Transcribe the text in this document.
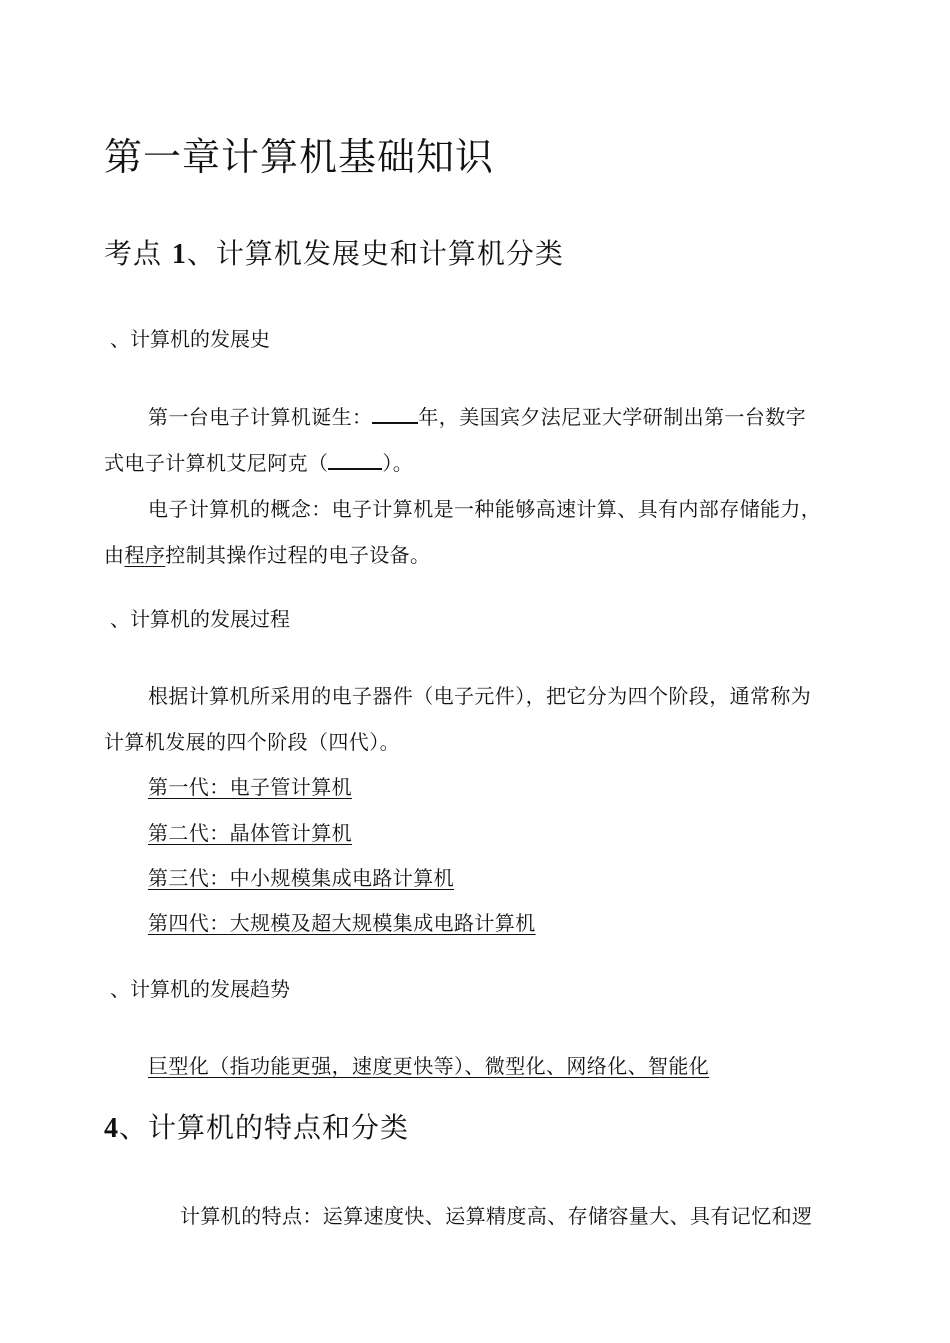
第一章计算机基础知识
考点 1、计算机发展史和计算机分类
、计算机的发展史
第一台电子计算机诞生： 年，美国宾夕法尼亚大学研制出第一台数字
式电子计算机艾尼阿克（	）。
电子计算机的概念：电子计算机是一种能够高速计算、具有内部存储能力，
由程序控制其操作过程的电子设备。
、计算机的发展过程
根据计算机所采用的电子器件（电子元件），把它分为四个阶段，通常称为
计算机发展的四个阶段（四代）。
第一代：电子管计算机
第二代：晶体管计算机
第三代：中小规模集成电路计算机
第四代：大规模及超大规模集成电路计算机
、计算机的发展趋势
巨型化（指功能更强，速度更快等）、微型化、网络化、智能化
4、计算机的特点和分类
计算机的特点：运算速度快、运算精度高、存储容量大、具有记忆和逻
